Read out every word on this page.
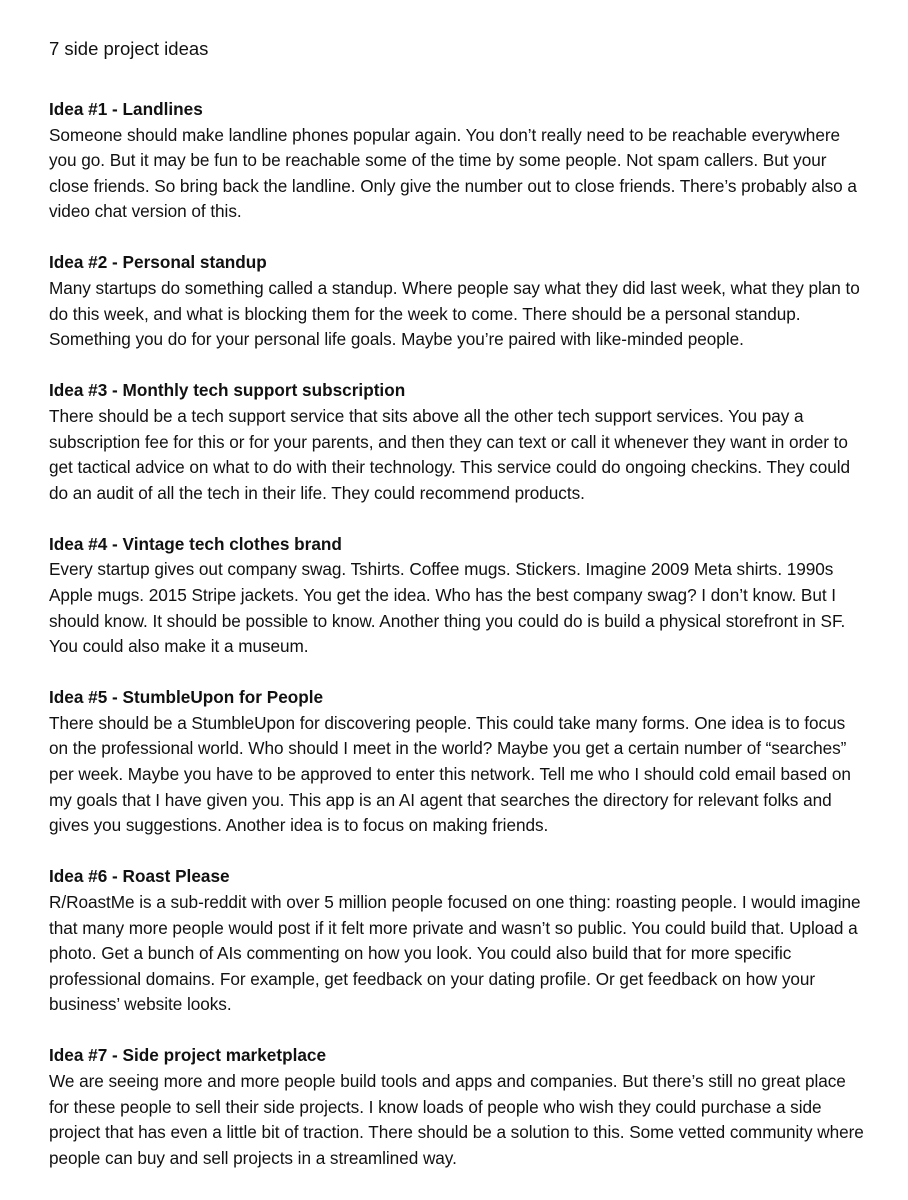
7 side project ideas
Idea #1 - Landlines

Someone should make landline phones popular again. You don’t really need to be reachable everywhere you go. But it may be fun to be reachable some of the time by some people. Not spam callers. But your close friends. So bring back the landline. Only give the number out to close friends. There’s probably also a video chat version of this.

Idea #2 - Personal standup

Many startups do something called a standup. Where people say what they did last week, what they plan to do this week, and what is blocking them for the week to come. There should be a personal standup. Something you do for your personal life goals. Maybe you’re paired with like-minded people.

Idea #3 - Monthly tech support subscription

There should be a tech support service that sits above all the other tech support services. You pay a subscription fee for this or for your parents, and then they can text or call it whenever they want in order to get tactical advice on what to do with their technology. This service could do ongoing checkins. They could do an audit of all the tech in their life. They could recommend products.

Idea #4 - Vintage tech clothes brand

Every startup gives out company swag. Tshirts. Coffee mugs. Stickers. Imagine 2009 Meta shirts. 1990s Apple mugs. 2015 Stripe jackets. You get the idea. Who has the best company swag? I don’t know. But I should know. It should be possible to know. Another thing you could do is build a physical storefront in SF. You could also make it a museum.

Idea #5 - StumbleUpon for People

There should be a StumbleUpon for discovering people. This could take many forms. One idea is to focus on the professional world. Who should I meet in the world? Maybe you get a certain number of “searches” per week. Maybe you have to be approved to enter this network. Tell me who I should cold email based on my goals that I have given you. This app is an AI agent that searches the directory for relevant folks and gives you suggestions. Another idea is to focus on making friends.

Idea #6 - Roast Please

R/RoastMe is a sub-reddit with over 5 million people focused on one thing: roasting people. I would imagine that many more people would post if it felt more private and wasn’t so public. You could build that. Upload a photo. Get a bunch of AIs commenting on how you look. You could also build that for more specific professional domains. For example, get feedback on your dating profile. Or get feedback on how your business’ website looks.

Idea #7 - Side project marketplace

We are seeing more and more people build tools and apps and companies. But there’s still no great place for these people to sell their side projects. I know loads of people who wish they could purchase a side project that has even a little bit of traction. There should be a solution to this. Some vetted community where people can buy and sell projects in a streamlined way.
